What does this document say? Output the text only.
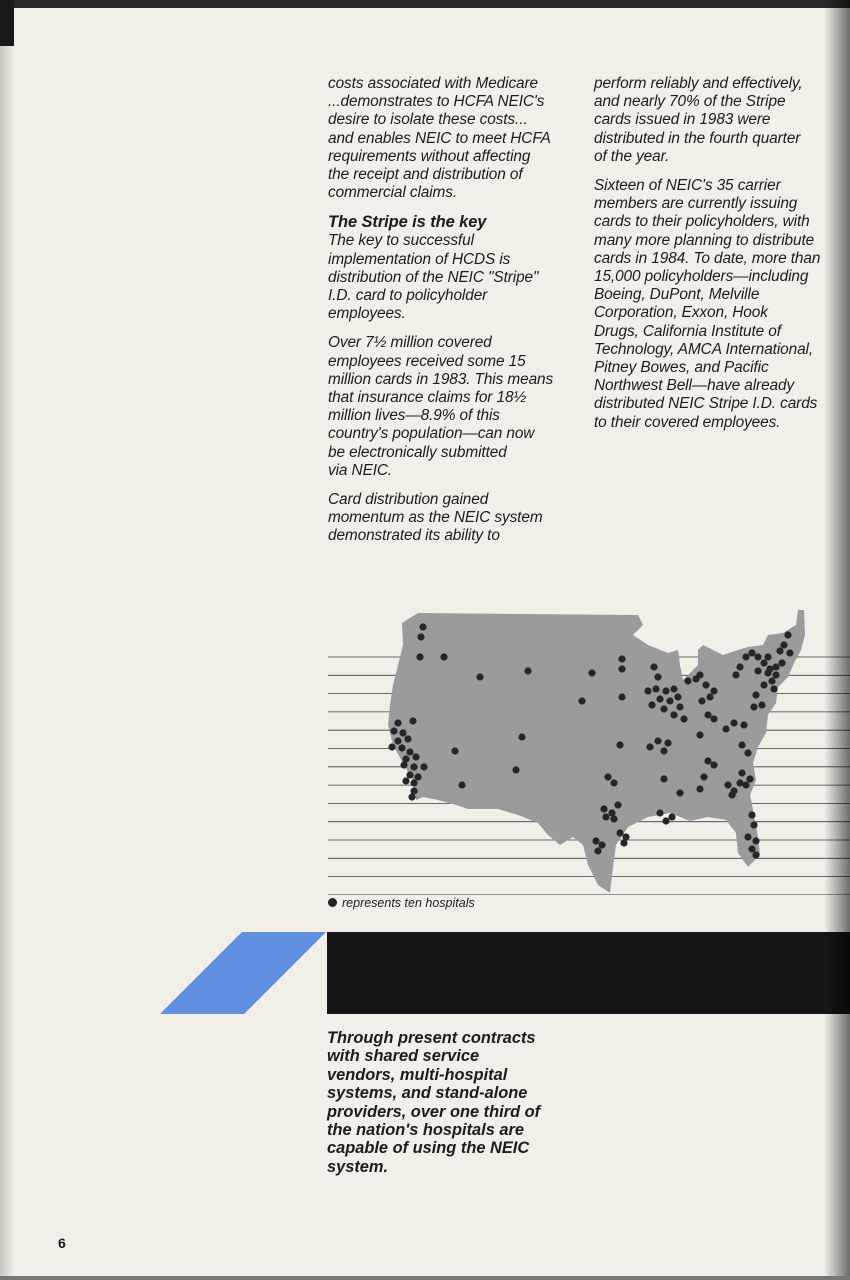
costs associated with Medicare
...demonstrates to HCFA NEIC's
desire to isolate these costs...
and enables NEIC to meet HCFA
requirements without affecting
the receipt and distribution of
commercial claims.

The Stripe is the key

The key to successful
implementation of HCDS is
distribution of the NEIC "Stripe"
I.D. card to policyholder
employees.

Over 7½ million covered
employees received some 15
million cards in 1983. This means
that insurance claims for 18½
million lives—8.9% of this
country's population—can now
be electronically submitted
via NEIC.

Card distribution gained
momentum as the NEIC system
demonstrated its ability to

perform reliably and effectively,
and nearly 70% of the Stripe
cards issued in 1983 were
distributed in the fourth quarter
of the year.

Sixteen of NEIC's 35 carrier
members are currently issuing
cards to their policyholders, with
many more planning to distribute
cards in 1984. To date, more than
15,000 policyholders—including
Boeing, DuPont, Melville
Corporation, Exxon, Hook
Drugs, California Institute of
Technology, AMCA International,
Pitney Bowes, and Pacific
Northwest Bell—have already
distributed NEIC Stripe I.D. cards
to their covered employees.

represents ten hospitals
Through present contracts
with shared service
vendors, multi-hospital
systems, and stand-alone
providers, over one third of
the nation's hospitals are
capable of using the NEIC
system.
6
